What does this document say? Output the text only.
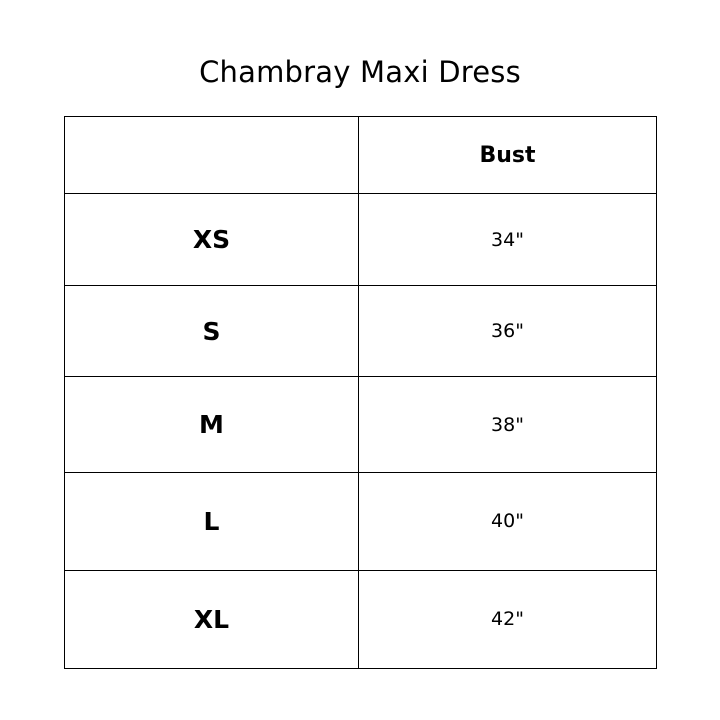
Chambray Maxi Dress
	Bust
XS	34"
S	36"
M	38"
L	40"
XL	42"
